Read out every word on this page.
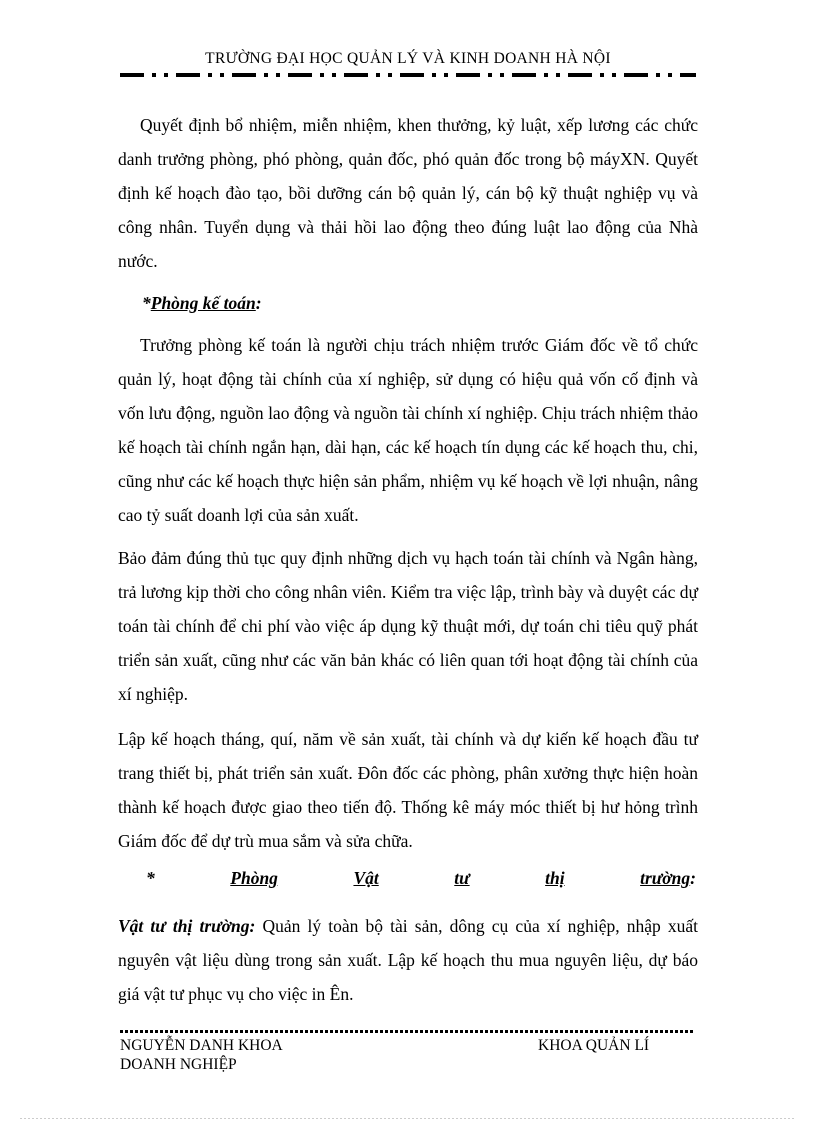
TRƯỜNG ĐẠI HỌC QUẢN LÝ VÀ KINH DOANH HÀ NỘI

Quyết định bổ nhiệm, miễn nhiệm, khen thưởng, kỷ luật, xếp lương các chức danh trưởng phòng, phó phòng, quản đốc, phó quản đốc trong bộ máyXN. Quyết định kế hoạch đào tạo, bồi dưỡng cán bộ quản lý, cán bộ kỹ thuật nghiệp vụ và công nhân. Tuyển dụng và thải hồi lao động theo đúng luật lao động của Nhà nước.

*Phòng kế toán:

Trưởng phòng kế toán là người chịu trách nhiệm trước Giám đốc về tổ chức quản lý, hoạt động tài chính của xí nghiệp, sử dụng có hiệu quả vốn cố định và vốn lưu động, nguồn lao động và nguồn tài chính xí nghiệp. Chịu trách nhiệm thảo kế hoạch tài chính ngắn hạn, dài hạn, các kế hoạch tín dụng các kế hoạch thu, chi, cũng như các kế hoạch thực hiện sản phẩm, nhiệm vụ kế hoạch về lợi nhuận, nâng cao tỷ suất doanh lợi của sản xuất.

Bảo đảm đúng thủ tục quy định những dịch vụ hạch toán tài chính và Ngân hàng, trả lương kịp thời cho công nhân viên. Kiểm tra việc lập, trình bày và duyệt các dự toán tài chính để chi phí vào việc áp dụng kỹ thuật mới, dự toán chi tiêu quỹ phát triển sản xuất, cũng như các văn bản khác có liên quan tới hoạt động tài chính của xí nghiệp.

Lập kế hoạch tháng, quí, năm về sản xuất, tài chính và dự kiến kế hoạch đầu tư trang thiết bị, phát triển sản xuất. Đôn đốc các phòng, phân xưởng thực hiện hoàn thành kế hoạch được giao theo tiến độ. Thống kê máy móc thiết bị hư hỏng trình Giám đốc để dự trù mua sắm và sửa chữa.

*	Phòng	Vật	tư	thị	trường:

Vật tư thị trường: Quản lý toàn bộ tài sản, dông cụ của xí nghiệp, nhập xuất nguyên vật liệu dùng trong sản xuất. Lập kế hoạch thu mua nguyên liệu, dự báo giá vật tư phục vụ cho việc in Ên.

NGUYỄN DANH KHOA
DOANH NGHIỆP
KHOA QUẢN LÍ
